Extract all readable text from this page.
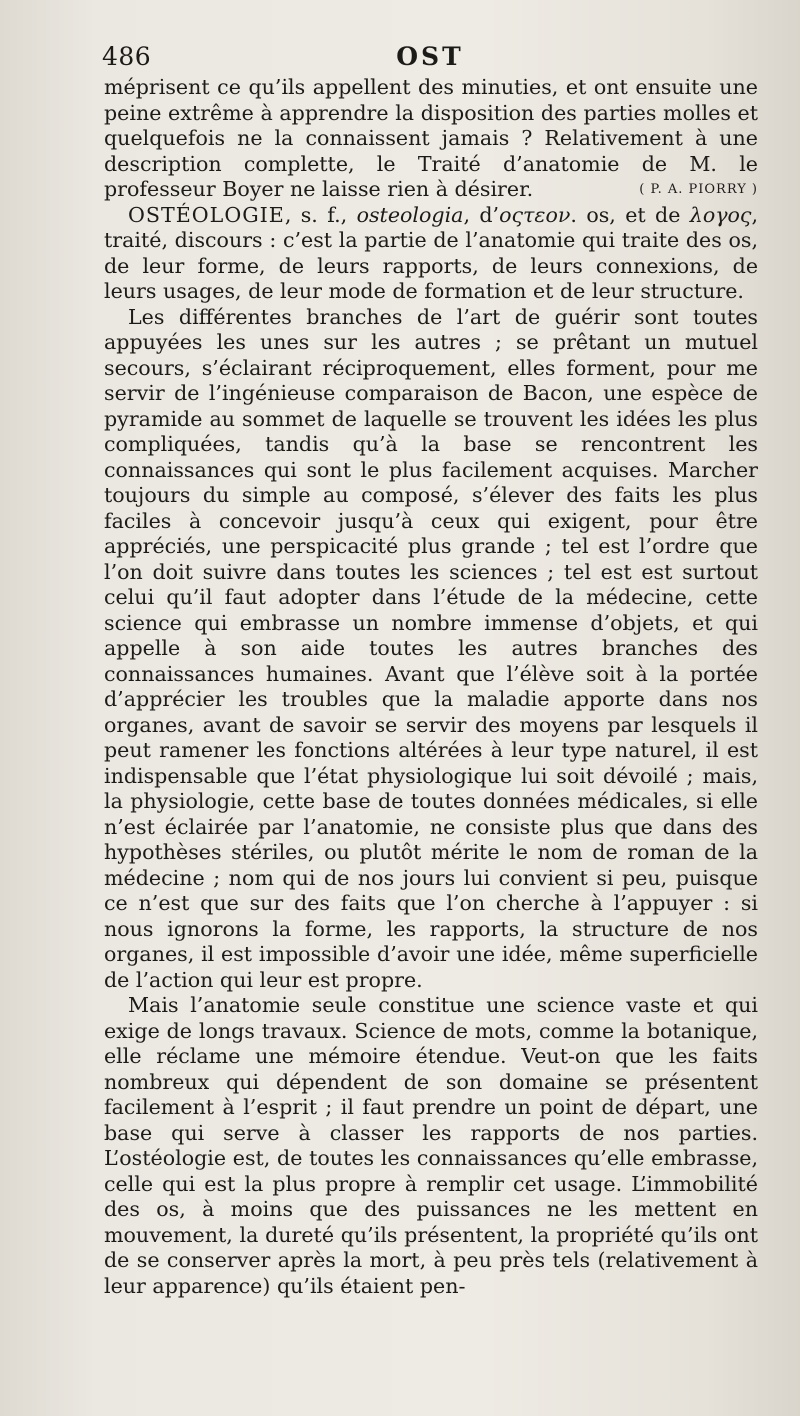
486	OST

méprisent ce qu’ils appellent des minuties, et ont ensuite une peine extrême à apprendre la disposition des parties molles et quelquefois ne la connaissent jamais ? Relativement à une description complette, le Traité d’anatomie de M. le professeur Boyer ne laisse rien à désirer.	( P. A. PIORRY )

OSTÉOLOGIE, s. f., osteologia, d’οςτεον. os, et de λογος, traité, discours : c’est la partie de l’anatomie qui traite des os, de leur forme, de leurs rapports, de leurs connexions, de leurs usages, de leur mode de formation et de leur structure.

Les différentes branches de l’art de guérir sont toutes appuyées les unes sur les autres ; se prêtant un mutuel secours, s’éclairant réciproquement, elles forment, pour me servir de l’ingénieuse comparaison de Bacon, une espèce de pyramide au sommet de laquelle se trouvent les idées les plus compliquées, tandis qu’à la base se rencontrent les connaissances qui sont le plus facilement acquises. Marcher toujours du simple au composé, s’élever des faits les plus faciles à concevoir jusqu’à ceux qui exigent, pour être appréciés, une perspicacité plus grande ; tel est l’ordre que l’on doit suivre dans toutes les sciences ; tel est est surtout celui qu’il faut adopter dans l’étude de la médecine, cette science qui embrasse un nombre immense d’objets, et qui appelle à son aide toutes les autres branches des connaissances humaines. Avant que l’élève soit à la portée d’apprécier les troubles que la maladie apporte dans nos organes, avant de savoir se servir des moyens par lesquels il peut ramener les fonctions altérées à leur type naturel, il est indispensable que l’état physiologique lui soit dévoilé ; mais, la physiologie, cette base de toutes données médicales, si elle n’est éclairée par l’anatomie, ne consiste plus que dans des hypothèses stériles, ou plutôt mérite le nom de roman de la médecine ; nom qui de nos jours lui convient si peu, puisque ce n’est que sur des faits que l’on cherche à l’appuyer : si nous ignorons la forme, les rapports, la structure de nos organes, il est impossible d’avoir une idée, même superficielle de l’action qui leur est propre.

Mais l’anatomie seule constitue une science vaste et qui exige de longs travaux. Science de mots, comme la botanique, elle réclame une mémoire étendue. Veut-on que les faits nombreux qui dépendent de son domaine se présentent facilement à l’esprit ; il faut prendre un point de départ, une base qui serve à classer les rapports de nos parties. L’ostéologie est, de toutes les connaissances qu’elle embrasse, celle qui est la plus propre à remplir cet usage. L’immobilité des os, à moins que des puissances ne les mettent en mouvement, la dureté qu’ils présentent, la propriété qu’ils ont de se conserver après la mort, à peu près tels (relativement à leur apparence) qu’ils étaient pen-
